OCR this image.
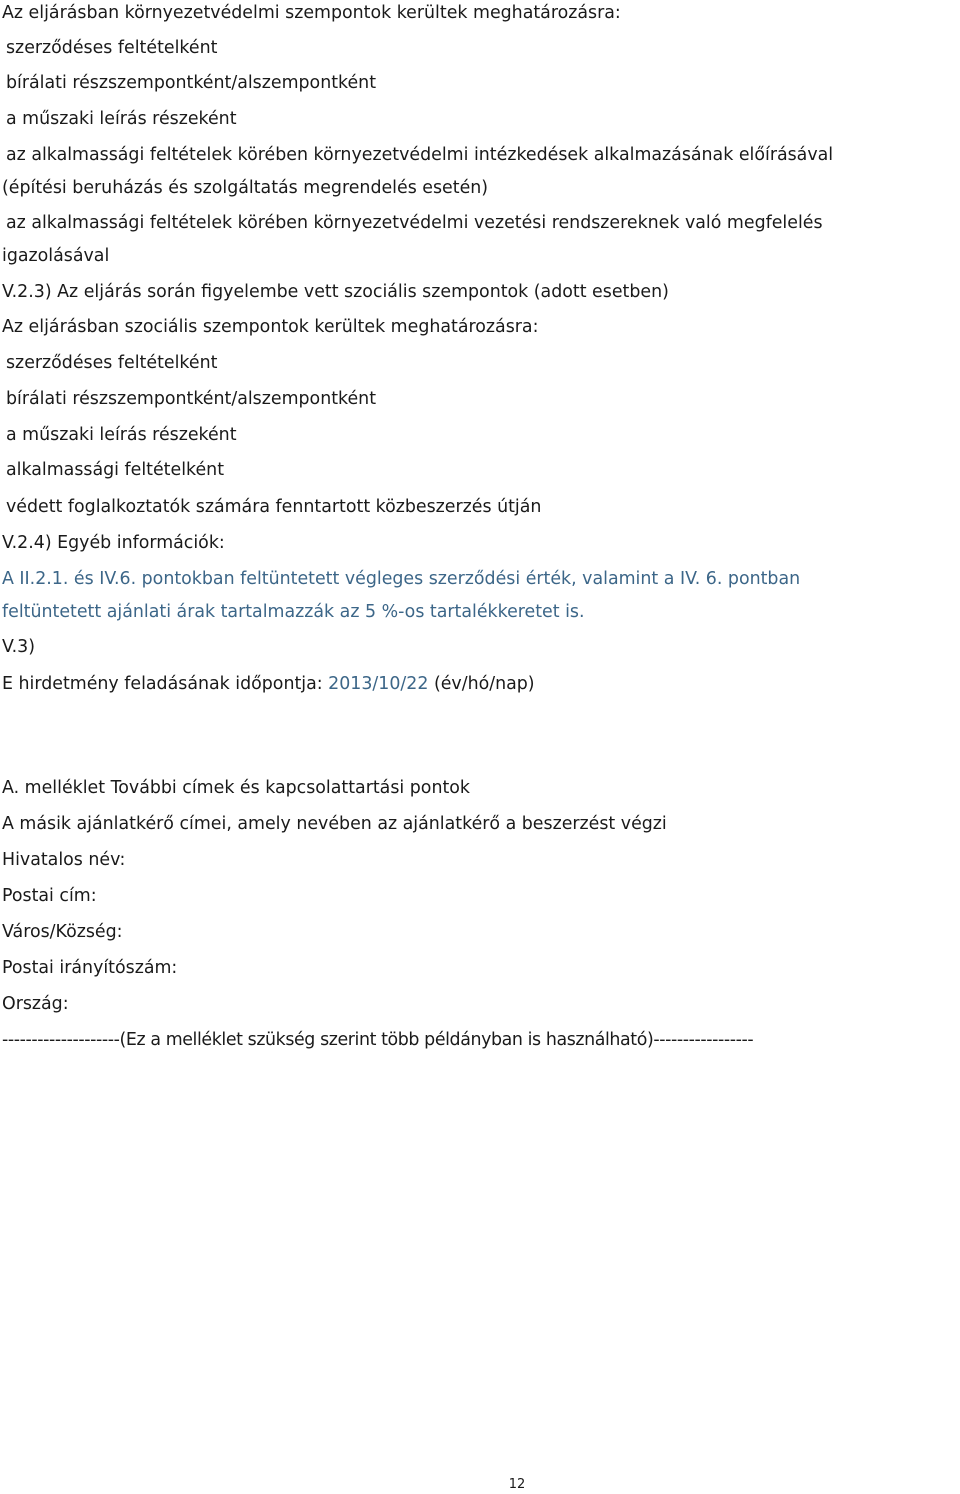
Az eljárásban környezetvédelmi szempontok kerültek meghatározásra:
szerződéses feltételként
bírálati részszempontként/alszempontként
a műszaki leírás részeként
az alkalmassági feltételek körében környezetvédelmi intézkedések alkalmazásának előírásával
(építési beruházás és szolgáltatás megrendelés esetén)
az alkalmassági feltételek körében környezetvédelmi vezetési rendszereknek való megfelelés
igazolásával
V.2.3) Az eljárás során figyelembe vett szociális szempontok (adott esetben)
Az eljárásban szociális szempontok kerültek meghatározásra:
szerződéses feltételként
bírálati részszempontként/alszempontként
a műszaki leírás részeként
alkalmassági feltételként
védett foglalkoztatók számára fenntartott közbeszerzés útján
V.2.4) Egyéb információk:
A II.2.1. és IV.6. pontokban feltüntetett végleges szerződési érték, valamint a IV. 6. pontban
feltüntetett ajánlati árak tartalmazzák az 5 %-os tartalékkeretet is.
V.3)
E hirdetmény feladásának időpontja: 2013/10/22 (év/hó/nap)
A. melléklet További címek és kapcsolattartási pontok
A másik ajánlatkérő címei, amely nevében az ajánlatkérő a beszerzést végzi
Hivatalos név:
Postai cím:
Város/Község:
Postai irányítószám:
Ország:
--------------------(Ez a melléklet szükség szerint több példányban is használható)-----------------
12
